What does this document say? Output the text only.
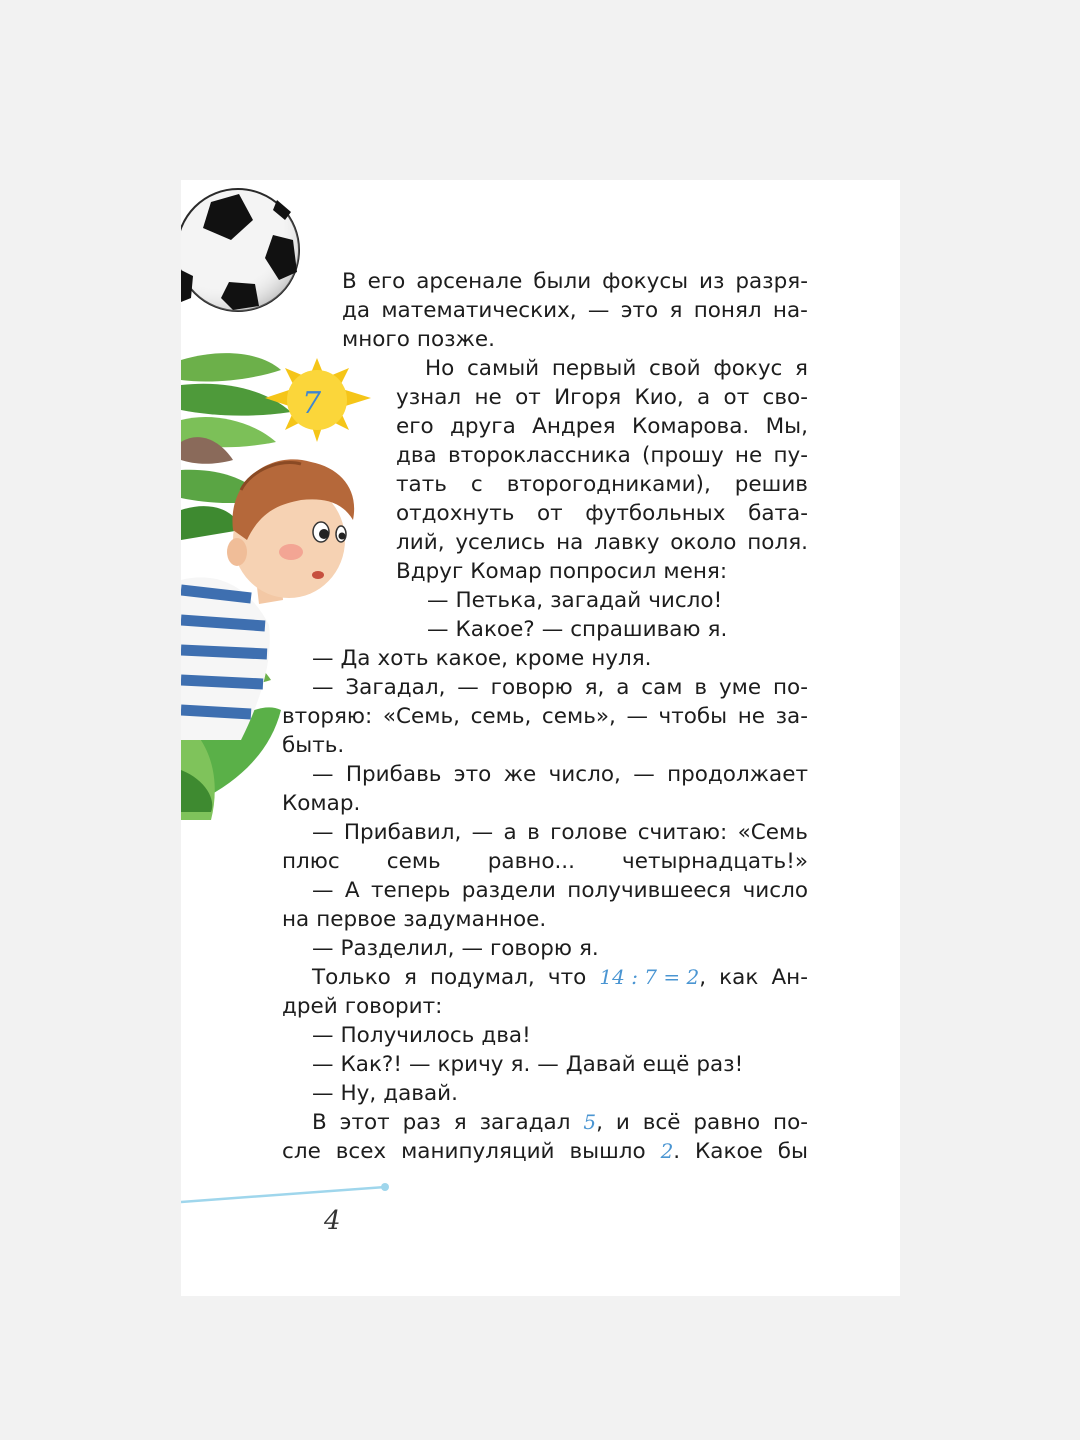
7
В его арсенале были фокусы из разря-
да математических, — это я понял на-
много позже.
Но самый первый свой фокус я
узнал не от Игоря Кио, а от сво-
его друга Андрея Комарова. Мы,
два второклассника (прошу не пу-
тать с второгодниками), решив
отдохнуть от футбольных бата-
лий, уселись на лавку около поля.
Вдруг Комар попросил меня:
— Петька, загадай число!
— Какое? — спрашиваю я.
— Да хоть какое, кроме нуля.
— Загадал, — говорю я, а сам в уме по-
вторяю: «Семь, семь, семь», — чтобы не за-
быть.
— Прибавь это же число, — продолжает
Комар.
— Прибавил, — а в голове считаю: «Семь
плюс семь равно... четырнадцать!»
— А теперь раздели получившееся число
на первое задуманное.
— Разделил, — говорю я.
Только я подумал, что 14 : 7 = 2, как Ан-
дрей говорит:
— Получилось два!
— Как?! — кричу я. — Давай ещё раз!
— Ну, давай.
В этот раз я загадал 5, и всё равно по-
сле всех манипуляций вышло 2. Какое бы
4
